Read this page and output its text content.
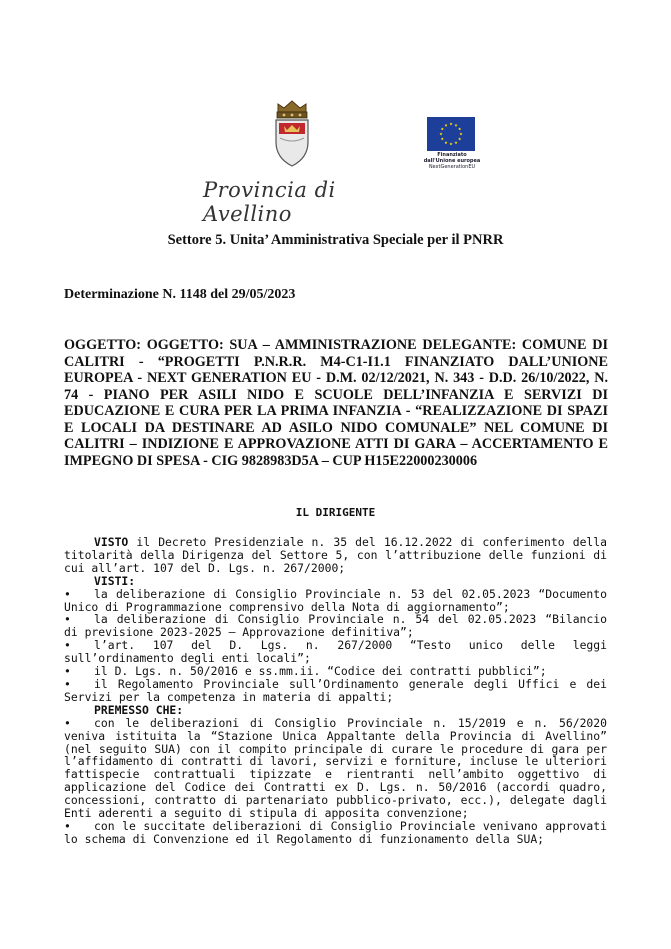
Provincia di Avellino
Finanziato
dall'Unione europea
NextGenerationEU
Settore 5. Unita’ Amministrativa Speciale per il PNRR
Determinazione N. 1148 del 29/05/2023
OGGETTO: OGGETTO: SUA – AMMINISTRAZIONE DELEGANTE: COMUNE DI CALITRI - “PROGETTI P.N.R.R. M4-C1-I1.1 FINANZIATO DALL’UNIONE EUROPEA - NEXT GENERATION EU - D.M. 02/12/2021, N. 343 - D.D. 26/10/2022, N. 74 - PIANO PER ASILI NIDO E SCUOLE DELL’INFANZIA E SERVIZI DI EDUCAZIONE E CURA PER LA PRIMA INFANZIA - “REALIZZAZIONE DI SPAZI E LOCALI DA DESTINARE AD ASILO NIDO COMUNALE” NEL COMUNE DI CALITRI – INDIZIONE E APPROVAZIONE ATTI DI GARA – ACCERTAMENTO E IMPEGNO DI SPESA - CIG 9828983D5A – CUP H15E22000230006
IL DIRIGENTE

VISTO il Decreto Presidenziale n. 35 del 16.12.2022 di conferimento della titolarità della Dirigenza del Settore 5, con l’attribuzione delle funzioni di cui all’art. 107 del D. Lgs. n. 267/2000;

VISTI:

• la deliberazione di Consiglio Provinciale n. 53 del 02.05.2023 “Documento Unico di Programmazione comprensivo della Nota di aggiornamento”;

• la deliberazione di Consiglio Provinciale n. 54 del 02.05.2023 “Bilancio di previsione 2023-2025 – Approvazione definitiva”;

• l’art. 107 del D. Lgs. n. 267/2000 “Testo unico delle leggi sull’ordinamento degli enti locali”;

• il D. Lgs. n. 50/2016 e ss.mm.ii. “Codice dei contratti pubblici”;

• il Regolamento Provinciale sull’Ordinamento generale degli Uffici e dei Servizi per la competenza in materia di appalti;

PREMESSO CHE:

• con le deliberazioni di Consiglio Provinciale n. 15/2019 e n. 56/2020 veniva istituita la “Stazione Unica Appaltante della Provincia di Avellino” (nel seguito SUA) con il compito principale di curare le procedure di gara per l’affidamento di contratti di lavori, servizi e forniture, incluse le ulteriori fattispecie contrattuali tipizzate e rientranti nell’ambito oggettivo di applicazione del Codice dei Contratti ex D. Lgs. n. 50/2016 (accordi quadro, concessioni, contratto di partenariato pubblico-privato, ecc.), delegate dagli Enti aderenti a seguito di stipula di apposita convenzione;

• con le succitate deliberazioni di Consiglio Provinciale venivano approvati lo schema di Convenzione ed il Regolamento di funzionamento della SUA;
